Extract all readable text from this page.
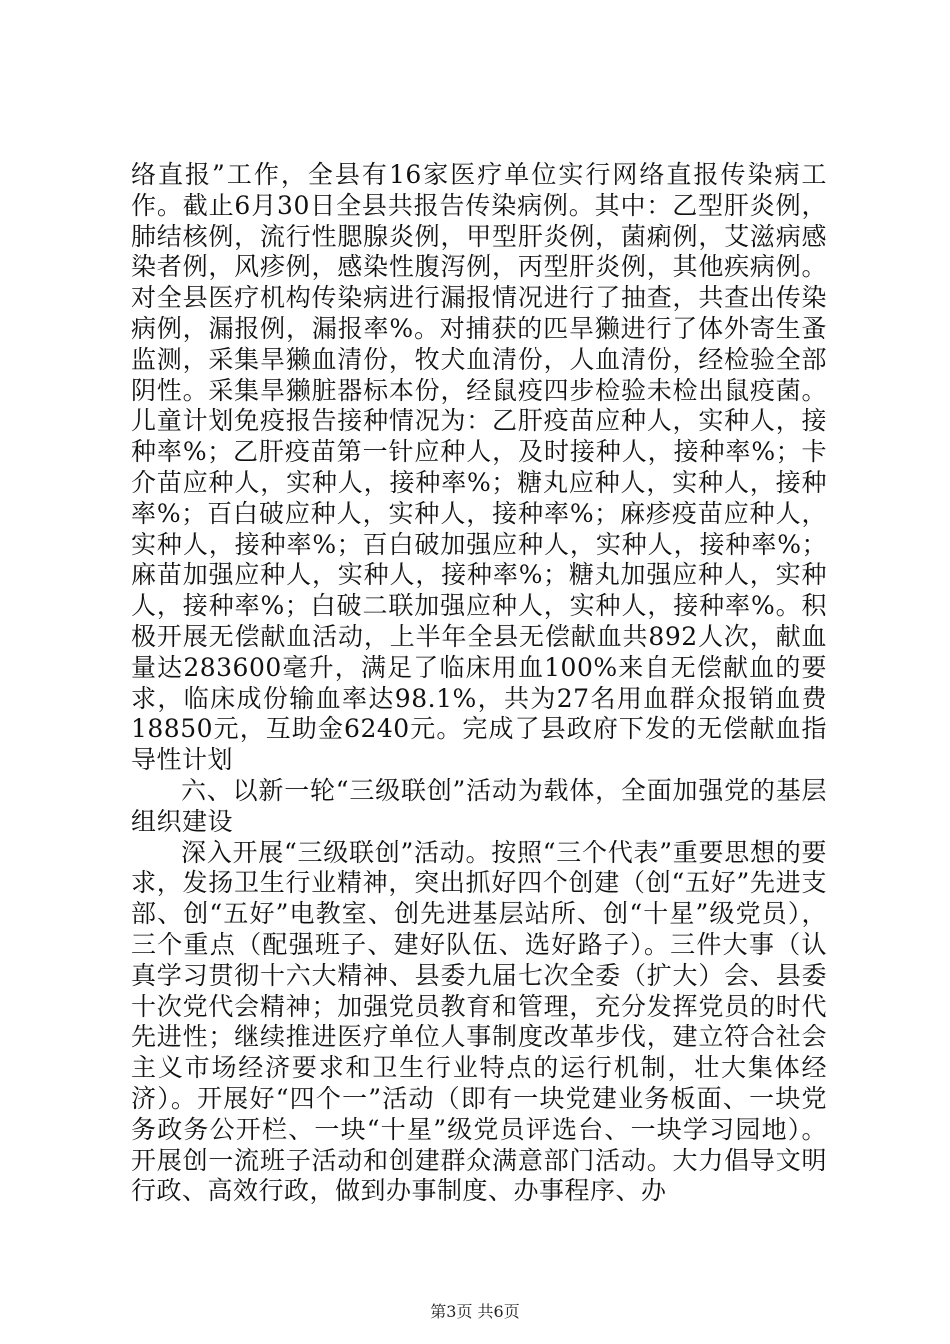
络直报”工作，全县有16家医疗单位实行网络直报传染病工作。截止6月30日全县共报告传染病例。其中：乙型肝炎例，肺结核例，流行性腮腺炎例，甲型肝炎例，菌痢例，艾滋病感染者例，风疹例，感染性腹泻例，丙型肝炎例，其他疾病例。对全县医疗机构传染病进行漏报情况进行了抽查，共查出传染病例，漏报例，漏报率%。对捕获的匹旱獭进行了体外寄生蚤监测，采集旱獭血清份，牧犬血清份，人血清份，经检验全部阴性。采集旱獭脏器标本份，经鼠疫四步检验未检出鼠疫菌。儿童计划免疫报告接种情况为：乙肝疫苗应种人，实种人，接种率%；乙肝疫苗第一针应种人，及时接种人，接种率%；卡介苗应种人，实种人，接种率%；糖丸应种人，实种人，接种率%；百白破应种人，实种人，接种率%；麻疹疫苗应种人，实种人，接种率%；百白破加强应种人，实种人，接种率%；麻苗加强应种人，实种人，接种率%；糖丸加强应种人，实种人，接种率%；白破二联加强应种人，实种人，接种率%。积极开展无偿献血活动，上半年全县无偿献血共892人次，献血量达283600毫升，满足了临床用血100%来自无偿献血的要求，临床成份输血率达98.1%，共为27名用血群众报销血费18850元，互助金6240元。完成了县政府下发的无偿献血指导性计划

六、以新一轮“三级联创”活动为载体，全面加强党的基层组织建设

深入开展“三级联创”活动。按照“三个代表”重要思想的要求，发扬卫生行业精神，突出抓好四个创建（创“五好”先进支部、创“五好”电教室、创先进基层站所、创“十星”级党员），三个重点（配强班子、建好队伍、选好路子）。三件大事（认真学习贯彻十六大精神、县委九届七次全委（扩大）会、县委十次党代会精神；加强党员教育和管理，充分发挥党员的时代先进性；继续推进医疗单位人事制度改革步伐，建立符合社会主义市场经济要求和卫生行业特点的运行机制，壮大集体经济）。开展好“四个一”活动（即有一块党建业务板面、一块党务政务公开栏、一块“十星”级党员评选台、一块学习园地）。开展创一流班子活动和创建群众满意部门活动。大力倡导文明行政、高效行政，做到办事制度、办事程序、办

第3页 共6页
